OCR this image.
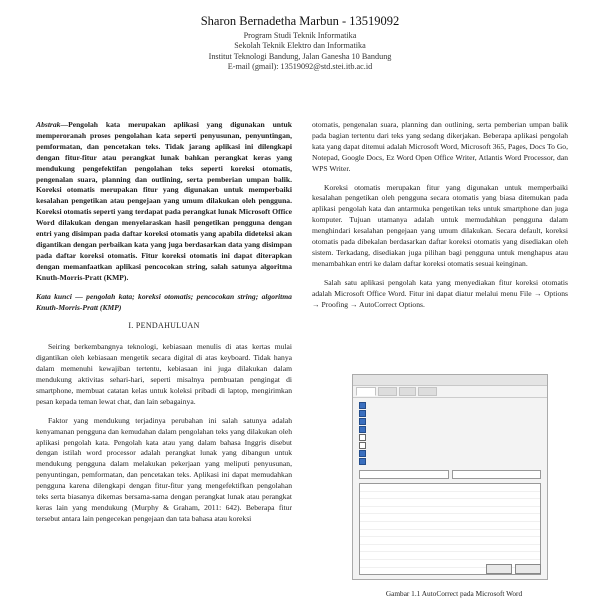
Sharon Bernadetha Marbun - 13519092
Program Studi Teknik Informatika
Sekolah Teknik Elektro dan Informatika
Institut Teknologi Bandung, Jalan Ganesha 10 Bandung
E-mail (gmail): 13519092@std.stei.itb.ac.id

Abstrak—Pengolah kata merupakan aplikasi yang digunakan untuk memperoranah proses pengolahan kata seperti penyusunan, penyuntingan, pemformatan, dan pencetakan teks. Tidak jarang aplikasi ini dilengkapi dengan fitur-fitur atau perangkat lunak bahkan perangkat keras yang mendukung pengefektifan pengolahan teks seperti koreksi otomatis, pengenalan suara, planning dan outlining, serta pemberian umpan balik. Koreksi otomatis merupakan fitur yang digunakan untuk memperbaiki kesalahan pengetikan atau pengejaan yang umum dilakukan oleh pengguna. Koreksi otomatis seperti yang terdapat pada perangkat lunak Microsoft Office Word dilakukan dengan menyelaraskan hasil pengetikan pengguna dengan entri yang disimpan pada daftar koreksi otomatis yang apabila dideteksi akan digantikan dengan perbaikan kata yang juga berdasarkan data yang disimpan pada daftar koreksi otomatis. Fitur koreksi otomatis ini dapat diterapkan dengan memanfaatkan aplikasi pencocokan string, salah satunya algoritma Knuth-Morris-Pratt (KMP).

Kata kunci — pengolah kata; koreksi otomatis; pencocokan string; algoritma Knuth-Morris-Pratt (KMP)

I. PENDAHULUAN

Seiring berkembangnya teknologi, kebiasaan menulis di atas kertas mulai digantikan oleh kebiasaan mengetik secara digital di atas keyboard. Tidak hanya dalam memenuhi kewajiban tertentu, kebiasaan ini juga dilakukan dalam mendukung aktivitas sehari-hari, seperti misalnya pembuatan pengingat di smartphone, membuat catatan kelas untuk koleksi pribadi di laptop, mengirimkan pesan kepada teman lewat chat, dan lain sebagainya.

Faktor yang mendukung terjadinya perubahan ini salah satunya adalah kenyamanan pengguna dan kemudahan dalam pengolahan teks yang dilakukan oleh aplikasi pengolah kata. Pengolah kata atau yang dalam bahasa Inggris disebut dengan istilah word processor adalah perangkat lunak yang dibangun untuk mendukung pengguna dalam melakukan pekerjaan yang meliputi penyusunan, penyuntingan, pemformatan, dan pencetakan teks. Aplikasi ini dapat memudahkan pengguna karena dilengkapi dengan fitur-fitur yang mengefektifkan pengolahan teks serta biasanya dikemas bersama-sama dengan perangkat lunak atau perangkat keras lain yang mendukung (Murphy & Graham, 2011: 642). Beberapa fitur tersebut antara lain pengecekan pengejaan dan tata bahasa atau koreksi

otomatis, pengenalan suara, planning dan outlining, serta pemberian umpan balik pada bagian tertentu dari teks yang sedang dikerjakan. Beberapa aplikasi pengolah kata yang dapat ditemui adalah Microsoft Word, Microsoft 365, Pages, Docs To Go, Notepad, Google Docs, Ez Word Open Office Writer, Atlantis Word Processor, dan WPS Writer.

Koreksi otomatis merupakan fitur yang digunakan untuk memperbaiki kesalahan pengetikan oleh pengguna secara otomatis yang biasa ditemukan pada aplikasi pengolah kata dan antarmuka pengetikan teks untuk smartphone dan juga komputer. Tujuan utamanya adalah untuk memudahkan pengguna dalam menghindari kesalahan pengejaan yang umum dilakukan. Secara default, koreksi otomatis pada dibekalan berdasarkan daftar koreksi otomatis yang disediakan oleh sistem. Terkadang, disediakan juga pilihan bagi pengguna untuk menghapus atau menambahkan entri ke dalam daftar koreksi otomatis sesuai keinginan.

Salah satu aplikasi pengolah kata yang menyediakan fitur koreksi otomatis adalah Microsoft Office Word. Fitur ini dapat diatur melalui menu File → Options → Proofing → AutoCorrect Options.

Gambar 1.1 AutoCorrect pada Microsoft Word
